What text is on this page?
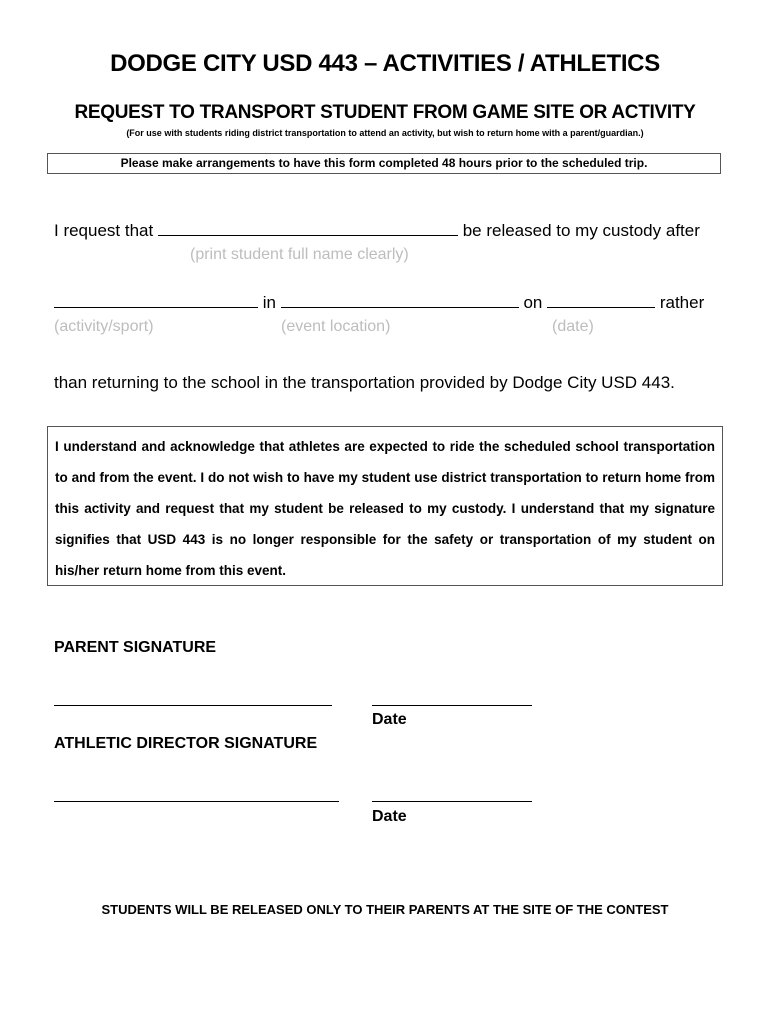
DODGE CITY USD 443 – ACTIVITIES / ATHLETICS
REQUEST TO TRANSPORT STUDENT FROM GAME SITE OR ACTIVITY
(For use with students riding district transportation to attend an activity, but wish to return home with a parent/guardian.)
Please make arrangements to have this form completed 48 hours prior to the scheduled trip.
I request that	be released to my custody after
(print student full name clearly)
in	on	rather
(activity/sport)	(event location)	(date)
than returning to the school in the transportation provided by Dodge City USD 443.
I understand and acknowledge that athletes are expected to ride the scheduled school transportation to and from the event. I do not wish to have my student use district transportation to return home from this activity and request that my student be released to my custody. I understand that my signature signifies that USD 443 is no longer responsible for the safety or transportation of my student on his/her return home from this event.
PARENT SIGNATURE
Date
ATHLETIC DIRECTOR SIGNATURE
Date
STUDENTS WILL BE RELEASED ONLY TO THEIR PARENTS AT THE SITE OF THE CONTEST
